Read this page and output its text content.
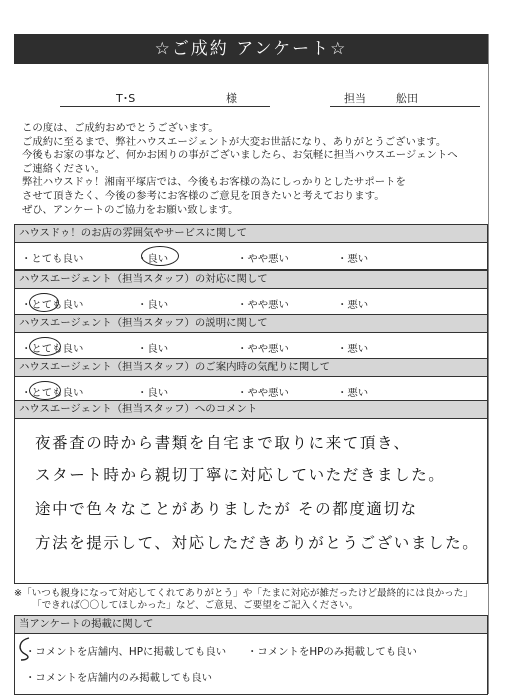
☆ご成約 アンケート☆
T･S	様	担当	舩田
この度は、ご成約おめでとうございます。
ご成約に至るまで、弊社ハウスエージェントが大変お世話になり、ありがとうございます。
今後もお家の事など、何かお困りの事がございましたら、お気軽に担当ハウスエージェントへ
ご連絡ください。
弊社ハウスドゥ！湘南平塚店では、今後もお客様の為にしっかりとしたサポートを
させて頂きたく、今後の参考にお客様のご意見を頂きたいと考えております。
ぜひ、アンケートのご協力をお願い致します。
ハウスドゥ！のお店の雰囲気やサービスに関して
・とても良い	・良い	・やや悪い	・悪い
ハウスエージェント（担当スタッフ）の対応に関して
・とても良い	・良い	・やや悪い	・悪い
ハウスエージェント（担当スタッフ）の説明に関して
・とても良い	・良い	・やや悪い	・悪い
ハウスエージェント（担当スタッフ）のご案内時の気配りに関して
・とても良い	・良い	・やや悪い	・悪い
ハウスエージェント（担当スタッフ）へのコメント
夜番査の時から書類を自宅まで取りに来て頂き、
スタート時から親切丁寧に対応していただきました。
途中で色々なことがありましたが その都度適切な
方法を提示して、対応しただきありがとうございました。
※「いつも親身になって対応してくれてありがとう」や「たまに対応が雑だったけど最終的には良かった」
「できれば〇〇してほしかった」など、ご意見、ご要望をご記入ください。
当アンケートの掲載に関して
・コメントを店舗内、HPに掲載しても良い ・コメントをHPのみ掲載しても良い
・コメントを店舗内のみ掲載しても良い
